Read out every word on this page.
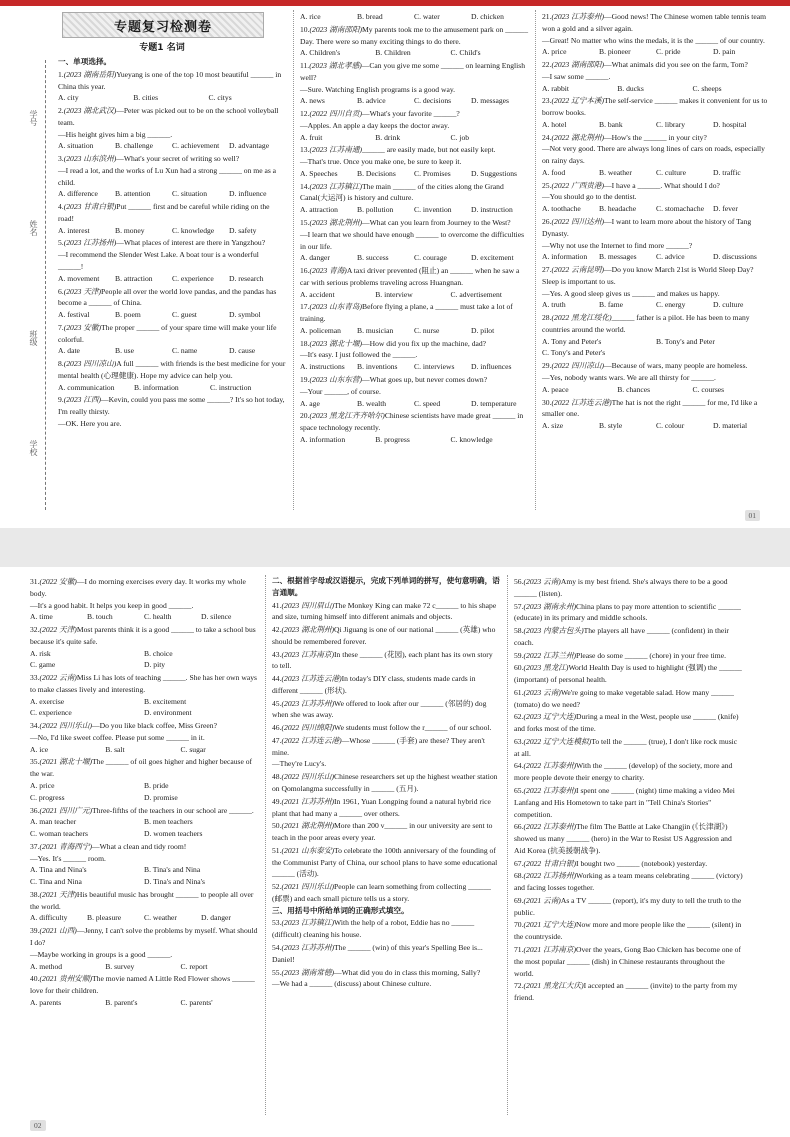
学号
姓名
班级
学校
专题复习检测卷
专题1 名词

一、单项选择。

1.(2023 湖南岳阳)Yueyang is one of the top 10 most beautiful ______ in China this year.

A. city	B. cities	C. citys

2.(2023 湖北武汉)—Peter was picked out to be on the school volleyball team.

—His height gives him a big ______.

A. situation	B. challenge	C. achievement	D. advantage

3.(2023 山东滨州)—What's your secret of writing so well?

—I read a lot, and the works of Lu Xun had a strong ______ on me as a child.

A. difference	B. attention	C. situation	D. influence

4.(2023 甘肃白银)Put ______ first and be careful while riding on the road!

A. interest	B. money	C. knowledge	D. safety

5.(2023 江苏扬州)—What places of interest are there in Yangzhou?

—I recommend the Slender West Lake. A boat tour is a wonderful ______!

A. movement	B. attraction	C. experience	D. research

6.(2023 天津)People all over the world love pandas, and the pandas has become a ______ of China.

A. festival	B. poem	C. guest	D. symbol

7.(2023 安徽)The proper ______ of your spare time will make your life colorful.

A. date	B. use	C. name	D. cause

8.(2023 四川凉山)A full ______ with friends is the best medicine for your mental health (心理健康). Hope my advice can help you.

A. communication	B. information	C. instruction

9.(2023 江西)—Kevin, could you pass me some ______? It's so hot today, I'm really thirsty.

—OK. Here you are.

A. rice	B. bread	C. water	D. chicken

10.(2023 湖南邵阳)My parents took me to the amusement park on ______ Day. There were so many exciting things to do there.

A. Children's	B. Children	C. Child's

11.(2023 湖北孝感)—Can you give me some ______ on learning English well?

—Sure. Watching English programs is a good way.

A. news	B. advice	C. decisions	D. messages

12.(2022 四川自贡)—What's your favorite ______?

—Apples. An apple a day keeps the doctor away.

A. fruit	B. drink	C. job

13.(2023 江苏南通)______ are easily made, but not easily kept.

—That's true. Once you make one, be sure to keep it.

A. Speeches	B. Decisions	C. Promises	D. Suggestions

14.(2023 江苏镇江)The main ______ of the cities along the Grand Canal(大运河) is history and culture.

A. attraction	B. pollution	C. invention	D. instruction

15.(2023 湖北荆州)—What can you learn from Journey to the West?

—I learn that we should have enough ______ to overcome the difficulties in our life.

A. danger	B. success	C. courage	D. excitement

16.(2023 青海)A taxi driver prevented (阻止) an ______ when he saw a car with serious problems traveling across Huangnan.

A. accident	B. interview	C. advertisement

17.(2023 山东青岛)Before flying a plane, a ______ must take a lot of training.

A. policeman	B. musician	C. nurse	D. pilot

18.(2023 湖北十堰)—How did you fix up the machine, dad?

—It's easy. I just followed the ______.

A. instructions	B. inventions	C. interviews	D. influences

19.(2023 山东东营)—What goes up, but never comes down?

—Your ______, of course.

A. age	B. wealth	C. speed	D. temperature

20.(2023 黑龙江齐齐哈尔)Chinese scientists have made great ______ in space technology recently.

A. information	B. progress	C. knowledge

21.(2023 江苏泰州)—Good news! The Chinese women table tennis team won a gold and a silver again.

—Great! No matter who wins the medals, it is the ______ of our country.

A. price	B. pioneer	C. pride	D. pain

22.(2023 湖南邵阳)—What animals did you see on the farm, Tom?

—I saw some ______.

A. rabbit	B. ducks	C. sheeps

23.(2022 辽宁本溪)The self-service ______ makes it convenient for us to borrow books.

A. hotel	B. bank	C. library	D. hospital

24.(2022 湖北荆州)—How's the ______ in your city?

—Not very good. There are always long lines of cars on roads, especially on rainy days.

A. food	B. weather	C. culture	D. traffic

25.(2022 广西贵港)—I have a ______. What should I do?

—You should go to the dentist.

A. toothache	B. headache	C. stomachache	D. fever

26.(2022 四川达州)—I want to learn more about the history of Tang Dynasty.

—Why not use the Internet to find more ______?

A. information	B. messages	C. advice	D. discussions

27.(2022 云南昆明)—Do you know March 21st is World Sleep Day? Sleep is important to us.

—Yes. A good sleep gives us ______ and makes us happy.

A. truth	B. fame	C. energy	D. culture

28.(2022 黑龙江绥化)______ father is a pilot. He has been to many countries around the world.

A. Tony and Peter's	B. Tony's and Peter
C. Tony's and Peter's

29.(2022 四川凉山)—Because of wars, many people are homeless.

—Yes, nobody wants wars. We are all thirsty for ______.

A. peace	B. chances	C. courses

30.(2022 江苏连云港)The hat is not the right ______ for me, I'd like a smaller one.

A. size	B. style	C. colour	D. material
01

31.(2022 安徽)—I do morning exercises every day. It works my whole body.

—It's a good habit. It helps you keep in good ______.

A. time	B. touch	C. health	D. silence

32.(2022 天津)Most parents think it is a good ______ to take a school bus because it's quite safe.

A. risk	B. choice
C. game	D. pity

33.(2022 云南)Miss Li has lots of teaching ______. She has her own ways to make classes lively and interesting.

A. exercise	B. excitement
C. experience	D. environment

34.(2022 四川乐山)—Do you like black coffee, Miss Green?

—No, I'd like sweet coffee. Please put some ______ in it.

A. ice	B. salt	C. sugar

35.(2021 湖北十堰)The ______ of oil goes higher and higher because of the war.

A. price	B. pride
C. progress	D. promise

36.(2021 四川广元)Three-fifths of the teachers in our school are ______.

A. man teacher	B. men teachers
C. woman teachers	D. women teachers

37.(2021 青海西宁)—What a clean and tidy room!

—Yes. It's ______ room.

A. Tina and Nina's	B. Tina's and Nina
C. Tina and Nina	D. Tina's and Nina's

38.(2021 天津)His beautiful music has brought ______ to people all over the world.

A. difficulty	B. pleasure	C. weather	D. danger

39.(2021 山西)—Jenny, I can't solve the problems by myself. What should I do?

—Maybe working in groups is a good ______.

A. method	B. survey	C. report

40.(2021 贵州安顺)The movie named A Little Red Flower shows ______ love for their children.

A. parents	B. parent's	C. parents'

二、根据首字母或汉语提示，完成下列单词的拼写，使句意明确，语言通顺。

41.(2023 四川眉山)The Monkey King can make 72 c______ to his shape and size, turning himself into different animals and objects.

42.(2023 湖北荆州)Qi Jiguang is one of our national ______ (英雄) who should be remembered forever.

43.(2023 江苏南京)In these ______ (花园), each plant has its own story to tell.

44.(2023 江苏连云港)In today's DIY class, students made cards in different ______ (形状).

45.(2023 江苏苏州)We offered to look after our ______ (邻居的) dog when she was away.

46.(2022 四川绵阳)We students must follow the r______ of our school.

47.(2022 江苏连云港)—Whose ______ (手套) are these? They aren't mine.

—They're Lucy's.

48.(2022 四川乐山)Chinese researchers set up the highest weather station on Qomolangma successfully in ______ (五月).

49.(2021 江苏苏州)In 1961, Yuan Longping found a natural hybrid rice plant that had many a ______ over others.

50.(2021 湖北荆州)More than 200 v______ in our university are sent to teach in the poor areas every year.

51.(2021 山东泰安)To celebrate the 100th anniversary of the founding of the Communist Party of China, our school plans to have some educational ______ (活动).

52.(2021 四川乐山)People can learn something from collecting ______ (邮票) and each small picture tells us a story.

三、用括号中所给单词的正确形式填空。

53.(2023 江苏镇江)With the help of a robot, Eddie has no ______ (difficult) cleaning his house.

54.(2023 江苏苏州)The ______ (win) of this year's Spelling Bee is... Daniel!

55.(2023 湖南常德)—What did you do in class this morning, Sally?

—We had a ______ (discuss) about Chinese culture.

56.(2023 云南)Amy is my best friend. She's always there to be a good ______ (listen).

57.(2023 湖南永州)China plans to pay more attention to scientific ______ (educate) in its primary and middle schools.

58.(2023 内蒙古包头)The players all have ______ (confident) in their coach.

59.(2022 江苏兰州)Please do some ______ (chore) in your free time.

60.(2023 黑龙江)World Health Day is used to highlight (强调) the ______ (important) of personal health.

61.(2023 云南)We're going to make vegetable salad. How many ______ (tomato) do we need?

62.(2023 辽宁大连)During a meal in the West, people use ______ (knife) and forks most of the time.

63.(2022 辽宁大连模拟)To tell the ______ (true), I don't like rock music at all.

64.(2022 江苏泰州)With the ______ (develop) of the society, more and more people devote their energy to charity.

65.(2022 江苏泰州)I spent one ______ (night) time making a video Mei Lanfang and His Hometown to take part in "Tell China's Stories" competition.

66.(2022 江苏泰州)The film The Battle at Lake Changjin (《长津湖》) showed us many ______ (hero) in the War to Resist US Aggression and Aid Korea (抗美援朝战争).

67.(2022 甘肃白银)I bought two ______ (notebook) yesterday.

68.(2022 江苏扬州)Working as a team means celebrating ______ (victory) and facing losses together.

69.(2021 云南)As a TV ______ (report), it's my duty to tell the truth to the public.

70.(2021 辽宁大连)Now more and more people like the ______ (silent) in the countryside.

71.(2021 江苏南京)Over the years, Gong Bao Chicken has become one of the most popular ______ (dish) in Chinese restaurants throughout the world.

72.(2021 黑龙江大庆)I accepted an ______ (invite) to the party from my friend.

02
